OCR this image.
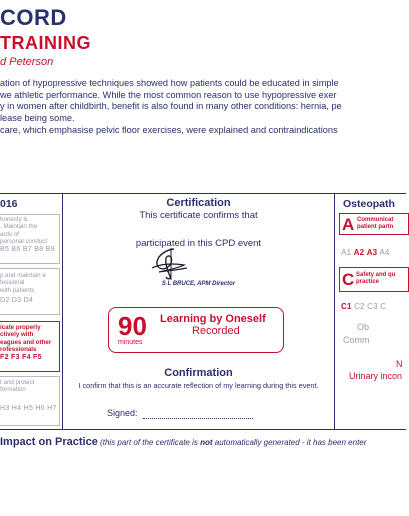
CORD
TRAINING
d Peterson
ation of hypopressive techniques showed how patients could be educated in simple
we athletic performance. While the most common reason to use hypopressive exer
y in women after childbirth, benefit is also found in many other conditions: hernia, pe
lease being some.
care, which emphasise pelvic floor exercises, were explained and contraindications
016
honesty &
. Maintain the
ards of
personal conduct
B5 B6 B7 B8 B9
p and maintain a
fessional
with patients
D2 D3 D4
icate properly
ctively with
eagues and other
rofessionals
F2 F3 F4 F5
t and protect
formation
H3 H4 H5 H6 H7
Certification
This certificate confirms that
participated in this CPD event
S L BRUCE, APM Director
90
minutes
Learning by Oneself
Recorded
Confirmation
I confirm that this is an accurate reflection of my learning during this event.
Signed:
Osteopath
A Communicat
patient partn
A1 A2 A3 A4
C Safety and qu
practice
C1 C2 C3 C
Ob
Comm
N
Urinary incon
Impact on Practice (this part of the certificate is not automatically generated - it has been enter
